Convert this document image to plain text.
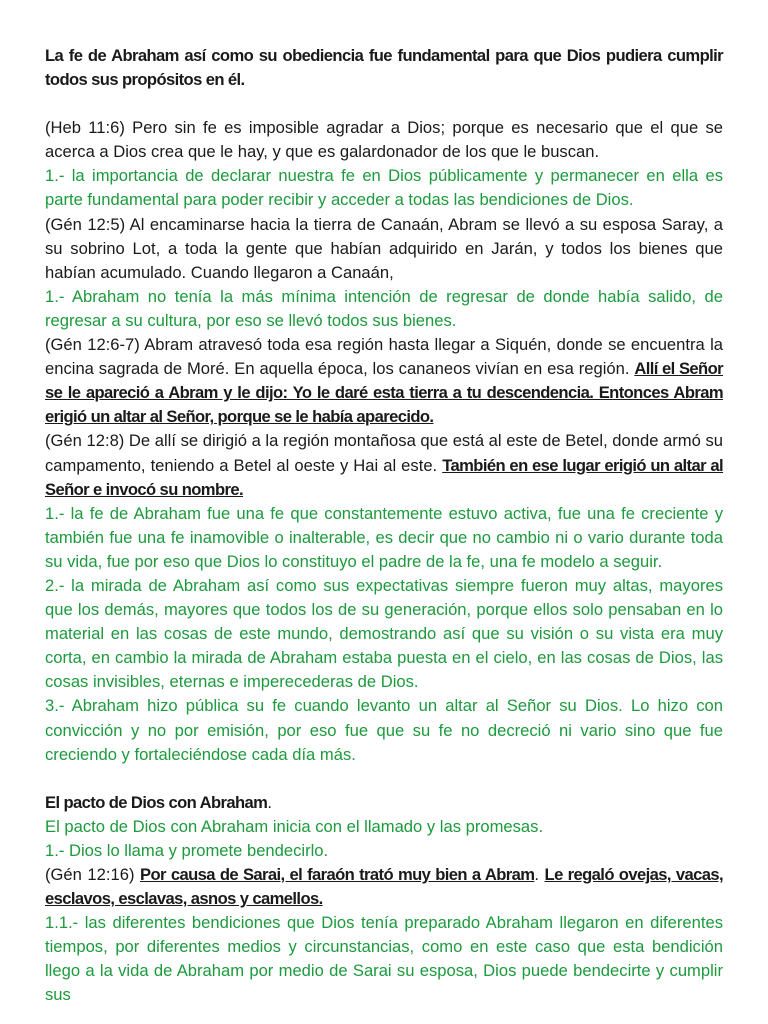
La fe de Abraham así como su obediencia fue fundamental para que Dios pudiera cumplir todos sus propósitos en él.

(Heb 11:6) Pero sin fe es imposible agradar a Dios; porque es necesario que el que se acerca a Dios crea que le hay, y que es galardonador de los que le buscan.

1.- la importancia de declarar nuestra fe en Dios públicamente y permanecer en ella es parte fundamental para poder recibir y acceder a todas las bendiciones de Dios.

(Gén 12:5) Al encaminarse hacia la tierra de Canaán, Abram se llevó a su esposa Saray, a su sobrino Lot, a toda la gente que habían adquirido en Jarán, y todos los bienes que habían acumulado. Cuando llegaron a Canaán,

1.- Abraham no tenía la más mínima intención de regresar de donde había salido, de regresar a su cultura, por eso se llevó todos sus bienes.

(Gén 12:6-7) Abram atravesó toda esa región hasta llegar a Siquén, donde se encuentra la encina sagrada de Moré. En aquella época, los cananeos vivían en esa región. Allí el Señor se le apareció a Abram y le dijo: Yo le daré esta tierra a tu descendencia. Entonces Abram erigió un altar al Señor, porque se le había aparecido.

(Gén 12:8) De allí se dirigió a la región montañosa que está al este de Betel, donde armó su campamento, teniendo a Betel al oeste y Hai al este. También en ese lugar erigió un altar al Señor e invocó su nombre.

1.- la fe de Abraham fue una fe que constantemente estuvo activa, fue una fe creciente y también fue una fe inamovible o inalterable, es decir que no cambio ni o vario durante toda su vida, fue por eso que Dios lo constituyo el padre de la fe, una fe modelo a seguir.

2.- la mirada de Abraham así como sus expectativas siempre fueron muy altas, mayores que los demás, mayores que todos los de su generación, porque ellos solo pensaban en lo material en las cosas de este mundo, demostrando así que su visión o su vista era muy corta, en cambio la mirada de Abraham estaba puesta en el cielo, en las cosas de Dios, las cosas invisibles, eternas e imperecederas de Dios.

3.- Abraham hizo pública su fe cuando levanto un altar al Señor su Dios. Lo hizo con convicción y no por emisión, por eso fue que su fe no decreció ni vario sino que fue creciendo y fortaleciéndose cada día más.

El pacto de Dios con Abraham.

El pacto de Dios con Abraham inicia con el llamado y las promesas.

1.- Dios lo llama y promete bendecirlo.

(Gén 12:16) Por causa de Sarai, el faraón trató muy bien a Abram. Le regaló ovejas, vacas, esclavos, esclavas, asnos y camellos.

1.1.- las diferentes bendiciones que Dios tenía preparado Abraham llegaron en diferentes tiempos, por diferentes medios y circunstancias, como en este caso que esta bendición llego a la vida de Abraham por medio de Sarai su esposa, Dios puede bendecirte y cumplir sus
